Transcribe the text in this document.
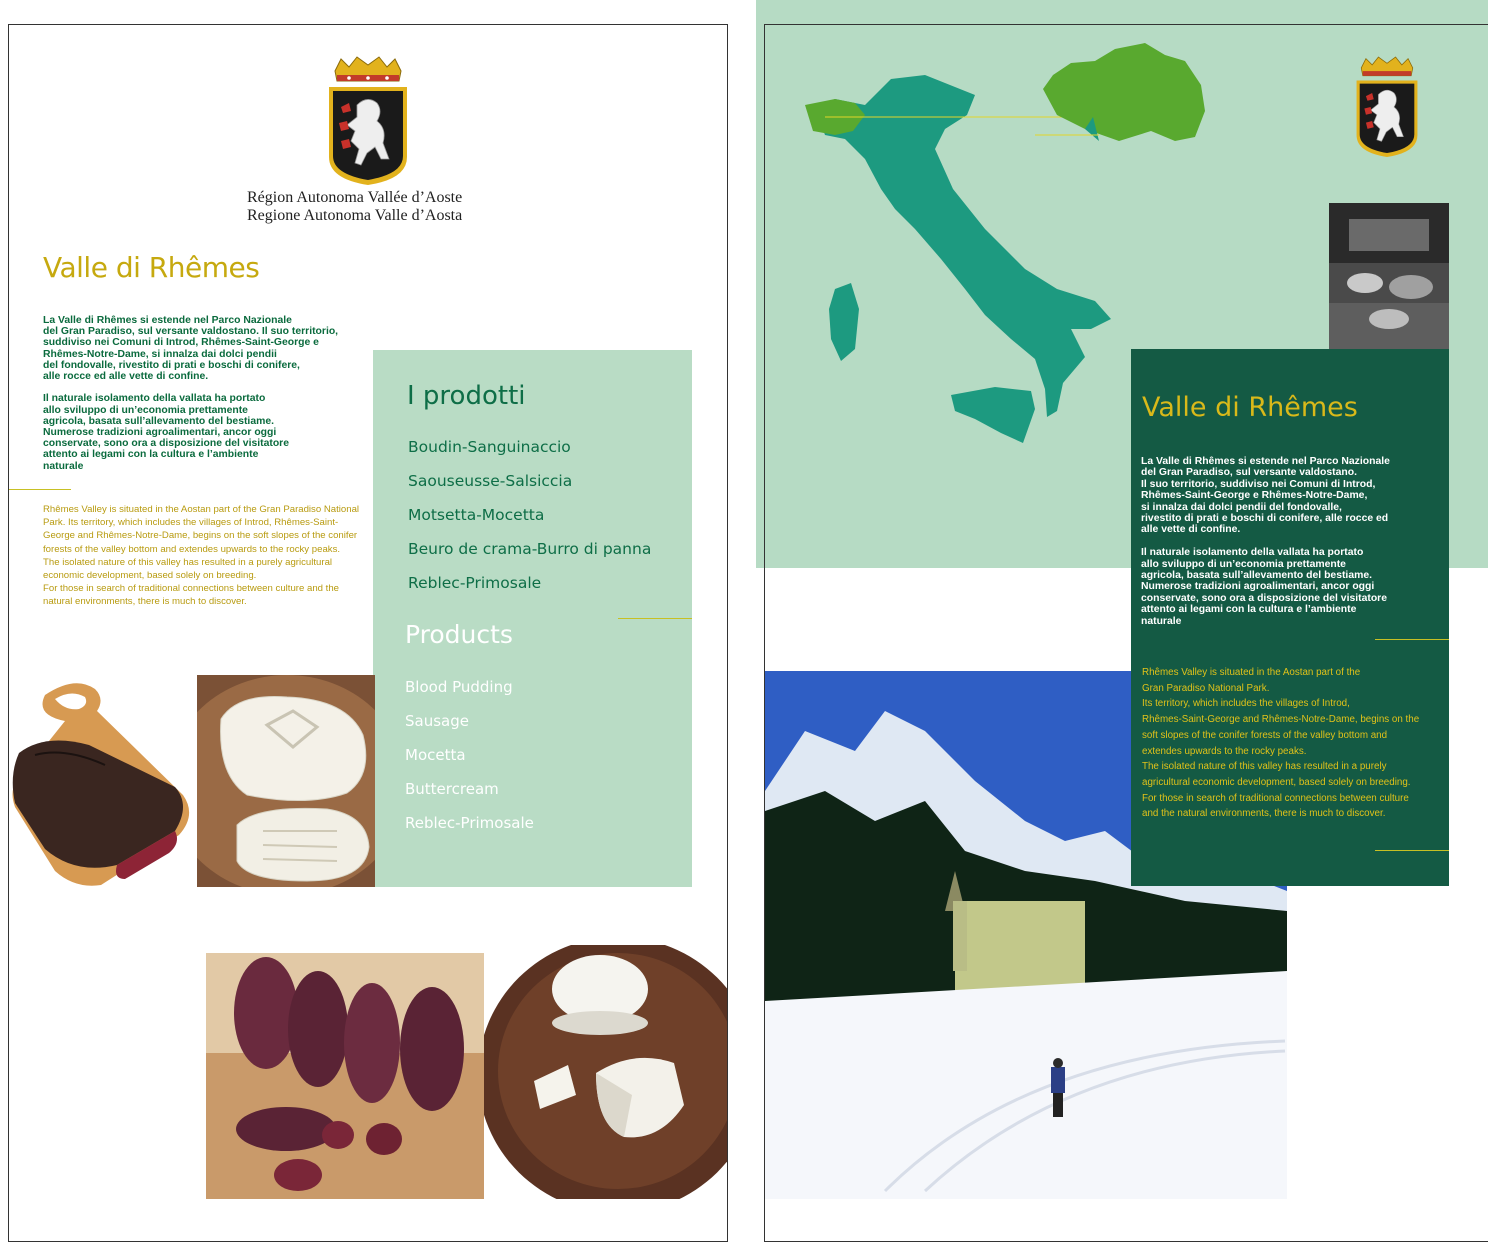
Région Autonoma Vallée d’Aoste
Regione Autonoma Valle d’Aosta
Valle di Rhêmes
La Valle di Rhêmes si estende nel Parco Nazionale
del Gran Paradiso, sul versante valdostano. Il suo territorio,
suddiviso nei Comuni di Introd, Rhêmes-Saint-George e
Rhêmes-Notre-Dame, si innalza dai dolci pendii
del fondovalle, rivestito di prati e boschi di conifere,
alle rocce ed alle vette di confine.

Il naturale isolamento della vallata ha portato
allo sviluppo di un’economia prettamente
agricola, basata sull’allevamento del bestiame.
Numerose tradizioni agroalimentari, ancor oggi
conservate, sono ora a disposizione del visitatore
attento ai legami con la cultura e l’ambiente
naturale
Rhêmes Valley is situated in the Aostan part of the Gran Paradiso National Park. Its territory, which includes the villages of Introd, Rhêmes-Saint-George and Rhêmes-Notre-Dame, begins on the soft slopes of the conifer forests of the valley bottom and extendes upwards to the rocky peaks.
The isolated nature of this valley has resulted in a purely agricultural economic development, based solely on breeding.
For those in search of traditional connections between culture and the natural environments, there is much to discover.
I prodotti
Boudin-Sanguinaccio
Saouseusse-Salsiccia
Motsetta-Mocetta
Beuro de crama-Burro di panna
Reblec-Primosale
Products
Blood Pudding
Sausage
Mocetta
Buttercream
Reblec-Primosale
Valle di Rhêmes
La Valle di Rhêmes si estende nel Parco Nazionale
del Gran Paradiso, sul versante valdostano.
Il suo territorio, suddiviso nei Comuni di Introd,
Rhêmes-Saint-George e Rhêmes-Notre-Dame,
si innalza dai dolci pendii del fondovalle,
rivestito di prati e boschi di conifere, alle rocce ed
alle vette di confine.

Il naturale isolamento della vallata ha portato
allo sviluppo di un’economia prettamente
agricola, basata sull’allevamento del bestiame.
Numerose tradizioni agroalimentari, ancor oggi
conservate, sono ora a disposizione del visitatore
attento ai legami con la cultura e l’ambiente
naturale
Rhêmes Valley is situated in the Aostan part of the
Gran Paradiso National Park.
Its territory, which includes the villages of Introd,
Rhêmes-Saint-George and Rhêmes-Notre-Dame, begins on the
soft slopes of the conifer forests of the valley bottom and
extendes upwards to the rocky peaks.
The isolated nature of this valley has resulted in a purely
agricultural economic development, based solely on breeding.
For those in search of traditional connections between culture
and the natural environments, there is much to discover.
